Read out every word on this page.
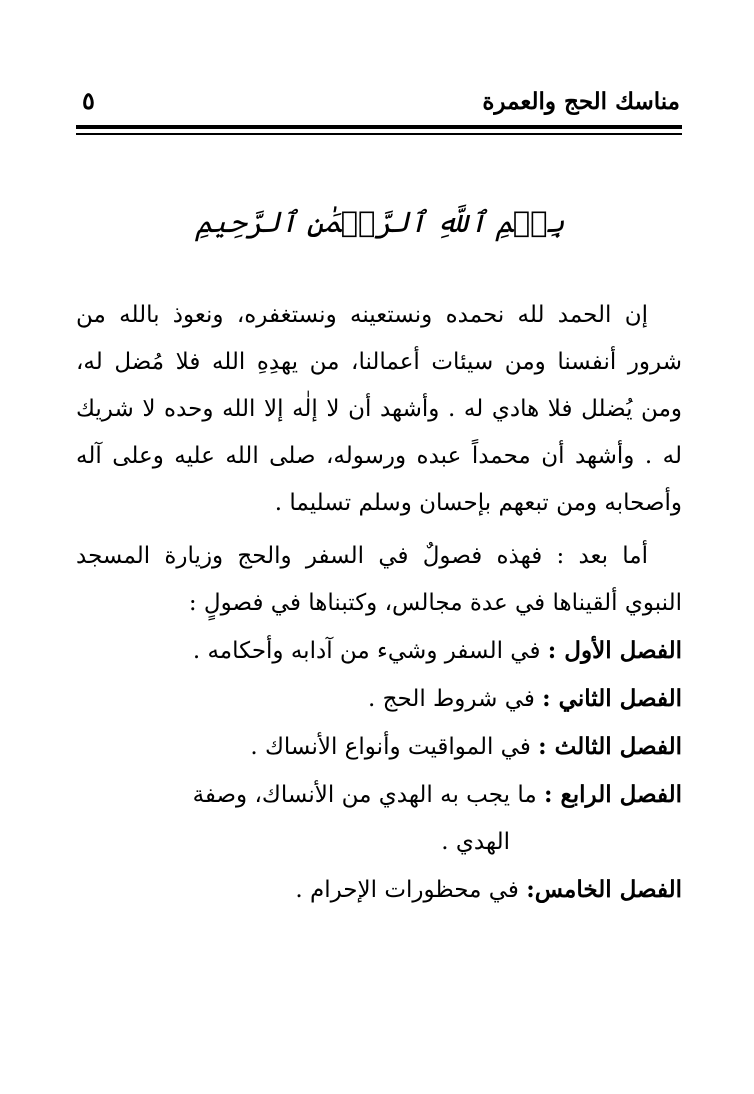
مناسك الحج والعمرة
٥
بِسۡمِ ٱللَّهِ ٱلرَّحۡمَٰنِ ٱلرَّحِيمِ

إن الحمد لله نحمده ونستعينه ونستغفره، ونعوذ بالله من شرور أنفسنا ومن سيئات أعمالنا، من يهدِهِ الله فلا مُضل له، ومن يُضلل فلا هادي له . وأشهد أن لا إلٰه إلا الله وحده لا شريك له . وأشهد أن محمداً عبده ورسوله، صلى الله عليه وعلى آله وأصحابه ومن تبعهم بإحسان وسلم تسليما .

أما بعد : فهذه فصولٌ في السفر والحج وزيارة المسجد النبوي ألقيناها في عدة مجالس، وكتبناها في فصولٍ :

الفصل الأول : في السفر وشيء من آدابه وأحكامه .
الفصل الثاني : في شروط الحج .
الفصل الثالث : في المواقيت وأنواع الأنساك .
الفصل الرابع : ما يجب به الهدي من الأنساك، وصفة
الهدي .
الفصل الخامس: في محظورات الإحرام .
